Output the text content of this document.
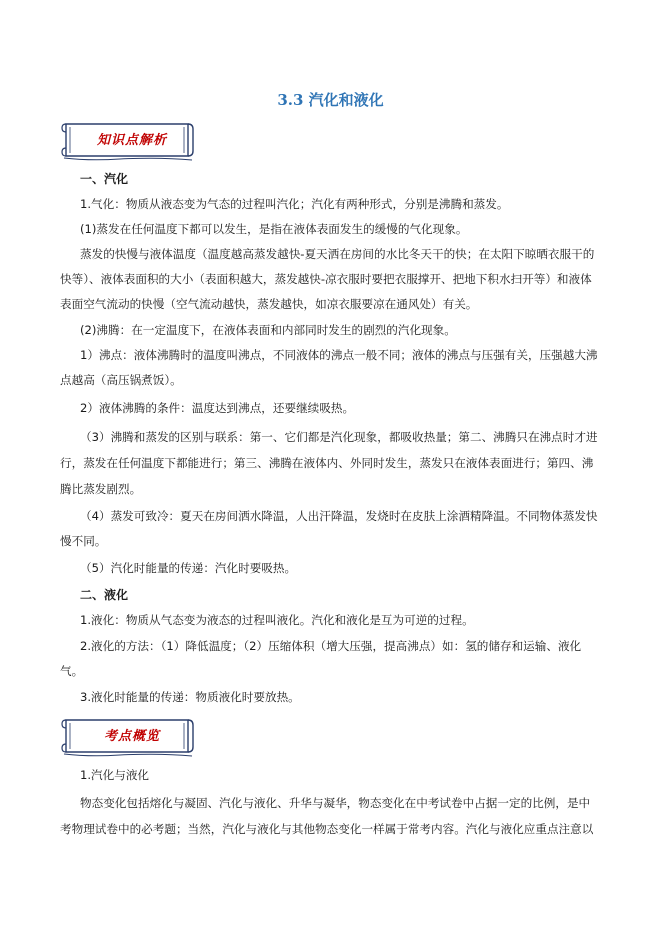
3.3 汽化和液化
知识点解析
一、汽化
1.气化：物质从液态变为气态的过程叫汽化；汽化有两种形式，分别是沸腾和蒸发。
(1)蒸发在任何温度下都可以发生，是指在液体表面发生的缓慢的气化现象。
蒸发的快慢与液体温度（温度越高蒸发越快-夏天洒在房间的水比冬天干的快；在太阳下晾晒衣服干的
快等）、液体表面积的大小（表面积越大，蒸发越快-凉衣服时要把衣服撑开、把地下积水扫开等）和液体
表面空气流动的快慢（空气流动越快，蒸发越快，如凉衣服要凉在通风处）有关。
(2)沸腾：在一定温度下，在液体表面和内部同时发生的剧烈的汽化现象。
1）沸点：液体沸腾时的温度叫沸点，不同液体的沸点一般不同；液体的沸点与压强有关，压强越大沸
点越高（高压锅煮饭）。
2）液体沸腾的条件：温度达到沸点，还要继续吸热。
（3）沸腾和蒸发的区别与联系：第一、它们都是汽化现象，都吸收热量；第二、沸腾只在沸点时才进
行，蒸发在任何温度下都能进行；第三、沸腾在液体内、外同时发生，蒸发只在液体表面进行；第四、沸
腾比蒸发剧烈。
（4）蒸发可致冷：夏天在房间洒水降温，人出汗降温，发烧时在皮肤上涂酒精降温。不同物体蒸发快
慢不同。
（5）汽化时能量的传递：汽化时要吸热。
二、液化
1.液化：物质从气态变为液态的过程叫液化。汽化和液化是互为可逆的过程。
2.液化的方法：（1）降低温度；（2）压缩体积（增大压强，提高沸点）如：氢的储存和运输、液化
气。
3.液化时能量的传递：物质液化时要放热。
考点概览
1.汽化与液化
物态变化包括熔化与凝固、汽化与液化、升华与凝华，物态变化在中考试卷中占据一定的比例，是中
考物理试卷中的必考题；当然，汽化与液化与其他物态变化一样属于常考内容。汽化与液化应重点注意以
